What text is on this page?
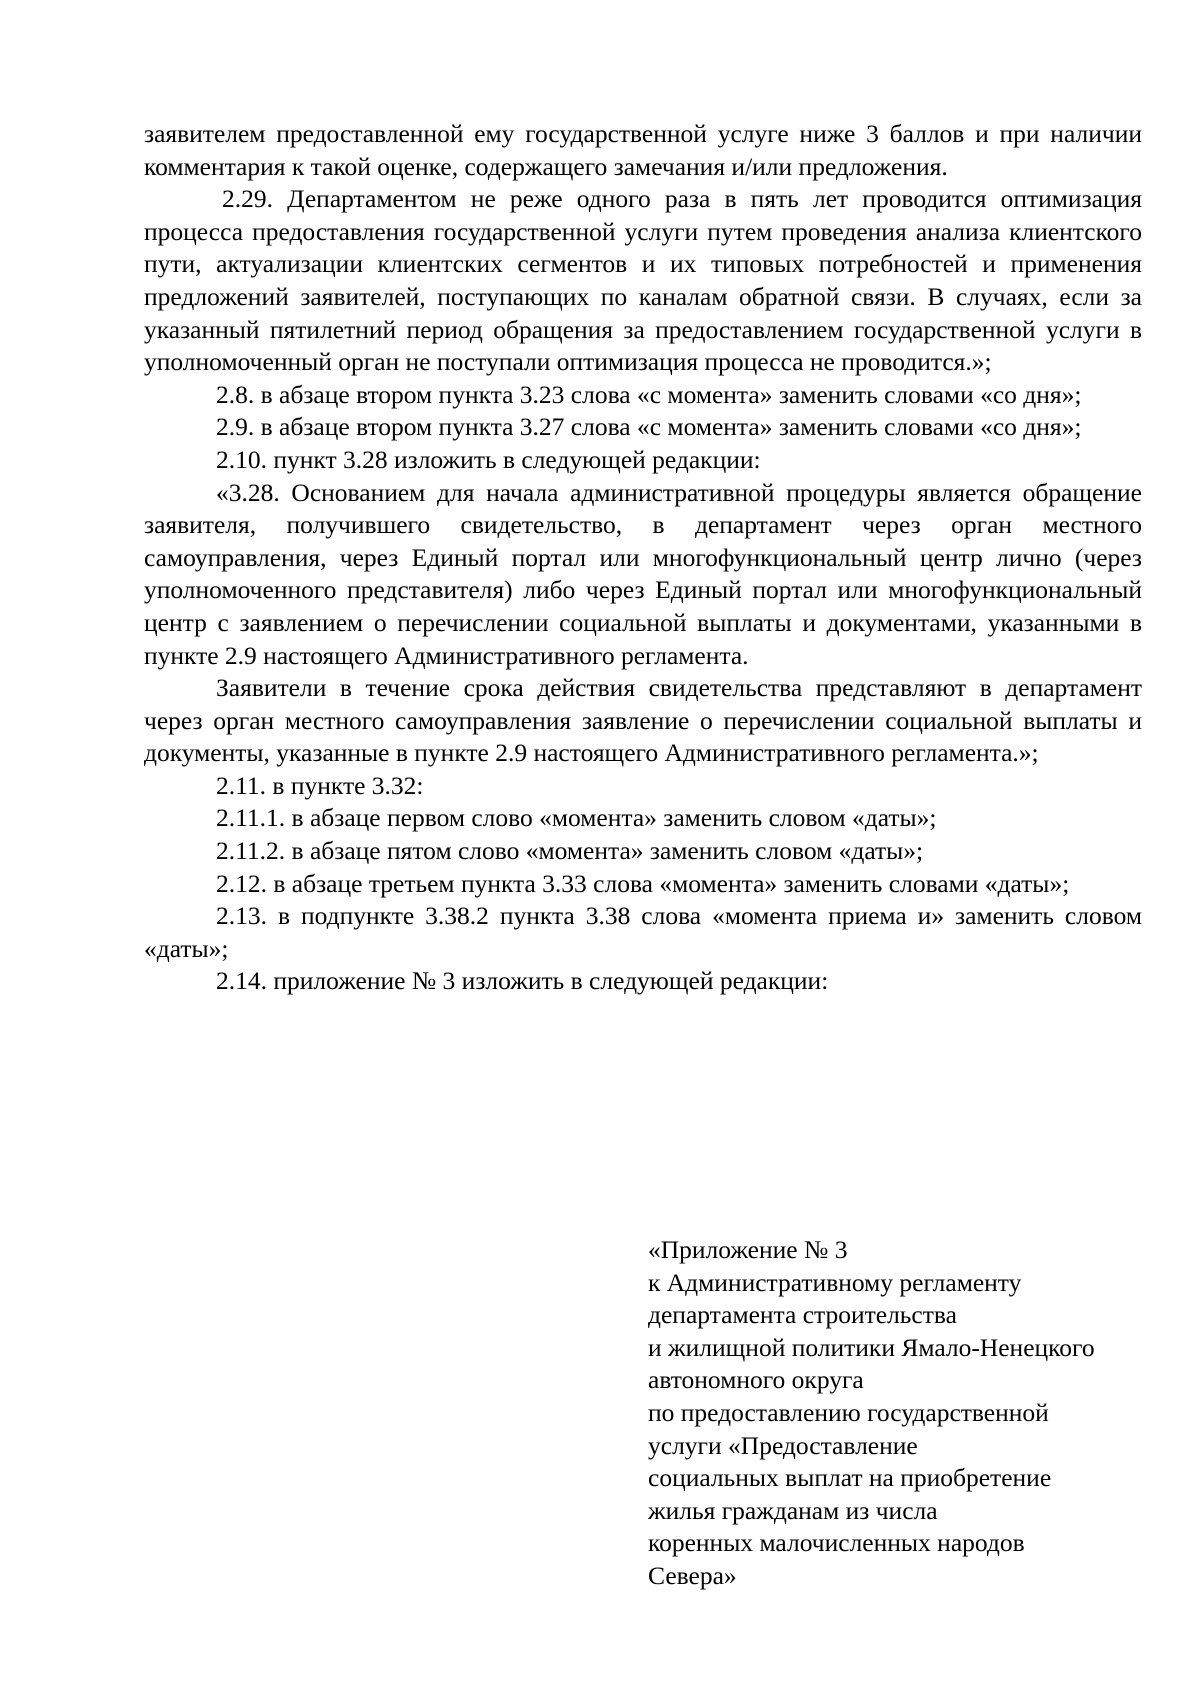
заявителем предоставленной ему государственной услуге ниже 3 баллов и при наличии комментария к такой оценке, содержащего замечания и/или предложения.

2.29. Департаментом не реже одного раза в пять лет проводится оптимизация процесса предоставления государственной услуги путем проведения анализа клиентского пути, актуализации клиентских сегментов и их типовых потребностей и применения предложений заявителей, поступающих по каналам обратной связи. В случаях, если за указанный пятилетний период обращения за предоставлением государственной услуги в уполномоченный орган не поступали оптимизация процесса не проводится.»;

2.8. в абзаце втором пункта 3.23 слова «с момента» заменить словами «со дня»;

2.9. в абзаце втором пункта 3.27 слова «с момента» заменить словами «со дня»;

2.10. пункт 3.28 изложить в следующей редакции:

«3.28. Основанием для начала административной процедуры является обращение заявителя, получившего свидетельство, в департамент через орган местного самоуправления, через Единый портал или многофункциональный центр лично (через уполномоченного представителя) либо через Единый портал или многофункциональный центр с заявлением о перечислении социальной выплаты и документами, указанными в пункте 2.9 настоящего Административного регламента.

Заявители в течение срока действия свидетельства представляют в департамент через орган местного самоуправления заявление о перечислении социальной выплаты и документы, указанные в пункте 2.9 настоящего Административного регламента.»;

2.11. в пункте 3.32:

2.11.1. в абзаце первом слово «момента» заменить словом «даты»;

2.11.2. в абзаце пятом слово «момента» заменить словом «даты»;

2.12. в абзаце третьем пункта 3.33 слова «момента» заменить словами «даты»;

2.13. в подпункте 3.38.2 пункта 3.38 слова «момента приема и» заменить словом «даты»;

2.14. приложение № 3 изложить в следующей редакции:

«Приложение № 3
к Административному регламенту
департамента строительства
и жилищной политики Ямало-Ненецкого
автономного округа
по предоставлению государственной
услуги «Предоставление
социальных выплат на приобретение
жилья гражданам из числа
коренных малочисленных народов
Севера»
